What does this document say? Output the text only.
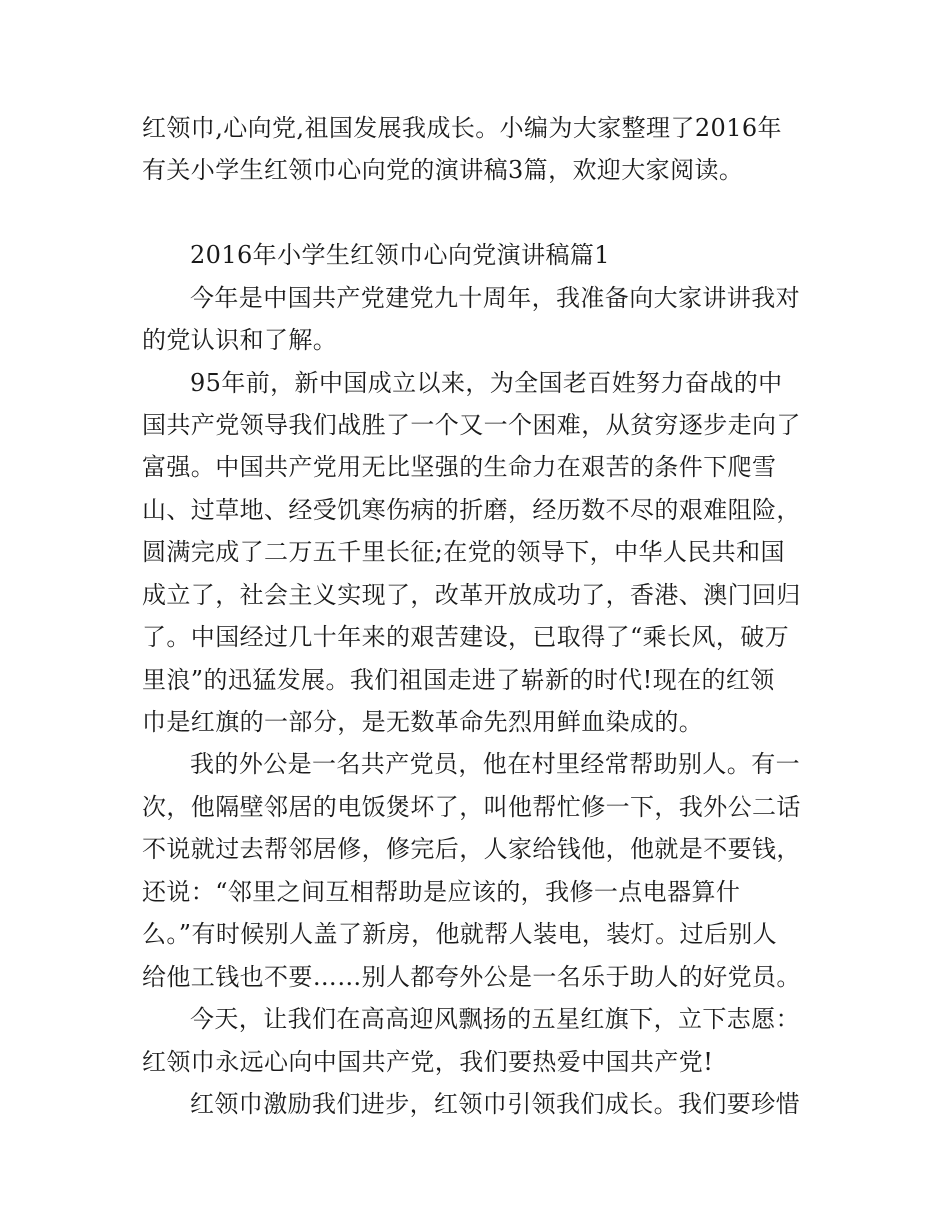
红领巾,心向党,祖国发展我成长。小编为大家整理了2016年
有关小学生红领巾心向党的演讲稿3篇，欢迎大家阅读。
2016年小学生红领巾心向党演讲稿篇1
今年是中国共产党建党九十周年，我准备向大家讲讲我对
的党认识和了解。
95年前，新中国成立以来，为全国老百姓努力奋战的中
国共产党领导我们战胜了一个又一个困难，从贫穷逐步走向了
富强。中国共产党用无比坚强的生命力在艰苦的条件下爬雪
山、过草地、经受饥寒伤病的折磨，经历数不尽的艰难阻险，
圆满完成了二万五千里长征;在党的领导下，中华人民共和国
成立了，社会主义实现了，改革开放成功了，香港、澳门回归
了。中国经过几十年来的艰苦建设，已取得了“乘长风，破万
里浪”的迅猛发展。我们祖国走进了崭新的时代!现在的红领
巾是红旗的一部分，是无数革命先烈用鲜血染成的。
我的外公是一名共产党员，他在村里经常帮助别人。有一
次，他隔壁邻居的电饭煲坏了，叫他帮忙修一下，我外公二话
不说就过去帮邻居修，修完后，人家给钱他，他就是不要钱，
还说：“邻里之间互相帮助是应该的，我修一点电器算什
么。”有时候别人盖了新房，他就帮人装电，装灯。过后别人
给他工钱也不要……别人都夸外公是一名乐于助人的好党员。
今天，让我们在高高迎风飘扬的五星红旗下，立下志愿：
红领巾永远心向中国共产党，我们要热爱中国共产党!
红领巾激励我们进步，红领巾引领我们成长。我们要珍惜
